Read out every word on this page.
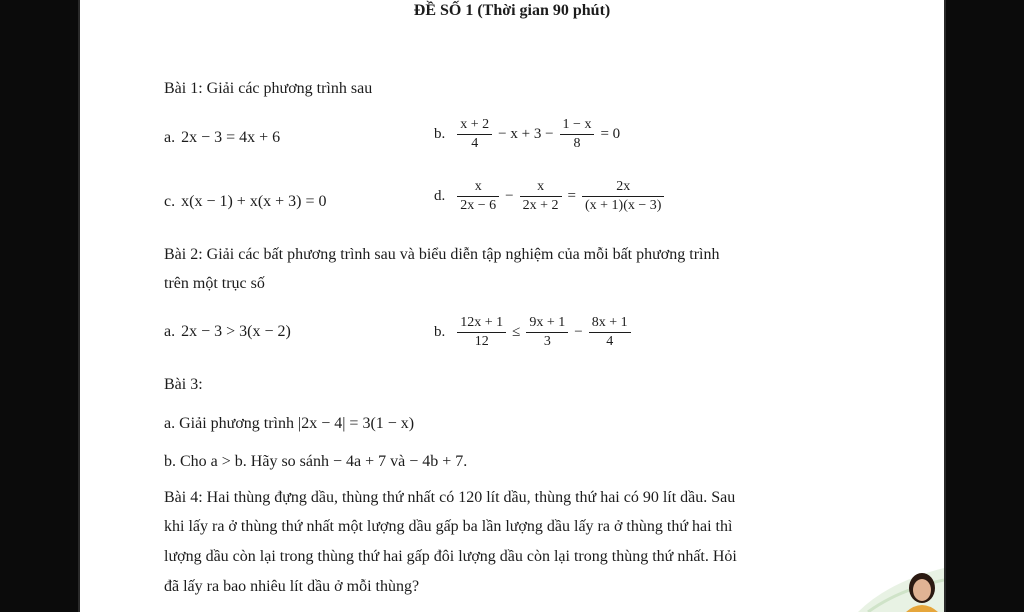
ĐỀ SỐ 1 (Thời gian 90 phút)
Bài 1: Giải các phương trình sau
a. 2x − 3 = 4x + 6	b. $\frac{x + 2}{4} - x + 3 - \frac{1 - x}{8} = 0$
c. x(x − 1) + x(x + 3) = 0	d. $\frac{x}{2x - 6} - \frac{x}{2x + 2} = \frac{2x}{(x + 1)(x - 3)}$
Bài 2: Giải các bất phương trình sau và biểu diễn tập nghiệm của mỗi bất phương trình
trên một trục số
a. 2x − 3 > 3(x − 2)	b. $\frac{12x + 1}{12} \le \frac{9x + 1}{3} - \frac{8x + 1}{4}$
Bài 3:
a. Giải phương trình |2x − 4| = 3(1 − x)
b. Cho a > b. Hãy so sánh − 4a + 7 và − 4b + 7.
Bài 4: Hai thùng đựng dầu, thùng thứ nhất có 120 lít dầu, thùng thứ hai có 90 lít dầu. Sau
khi lấy ra ở thùng thứ nhất một lượng dầu gấp ba lần lượng dầu lấy ra ở thùng thứ hai thì
lượng dầu còn lại trong thùng thứ hai gấp đôi lượng dầu còn lại trong thùng thứ nhất. Hỏi
đã lấy ra bao nhiêu lít dầu ở mỗi thùng?
